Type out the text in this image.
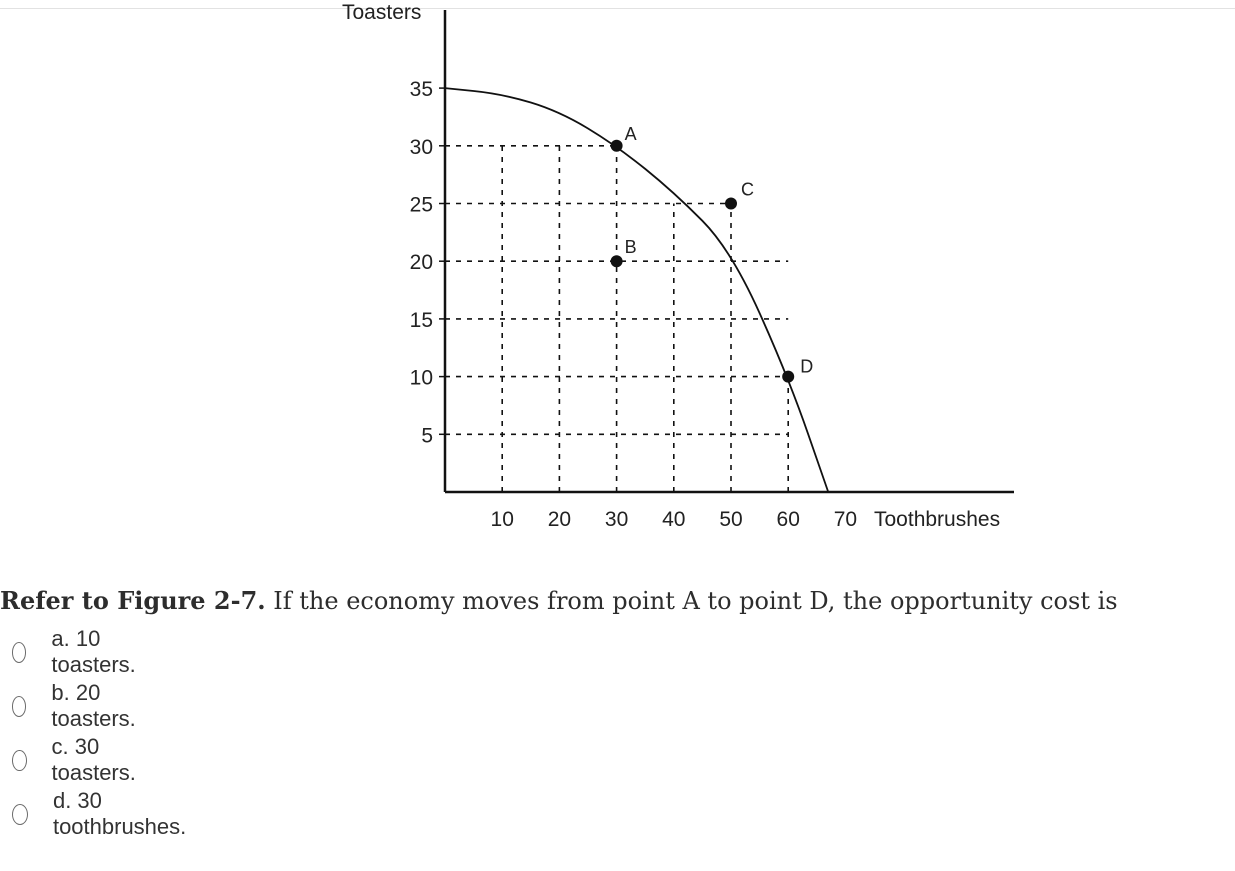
35
30
25
20
15
10
5
10 20 30 40 50 60 70 Toothbrushes
Toasters
A
B
C
D
Refer to Figure 2-7. If the economy moves from point A to point D, the opportunity cost is
a. 10 toasters.
b. 20 toasters.
c. 30 toasters.
d. 30 toothbrushes.
